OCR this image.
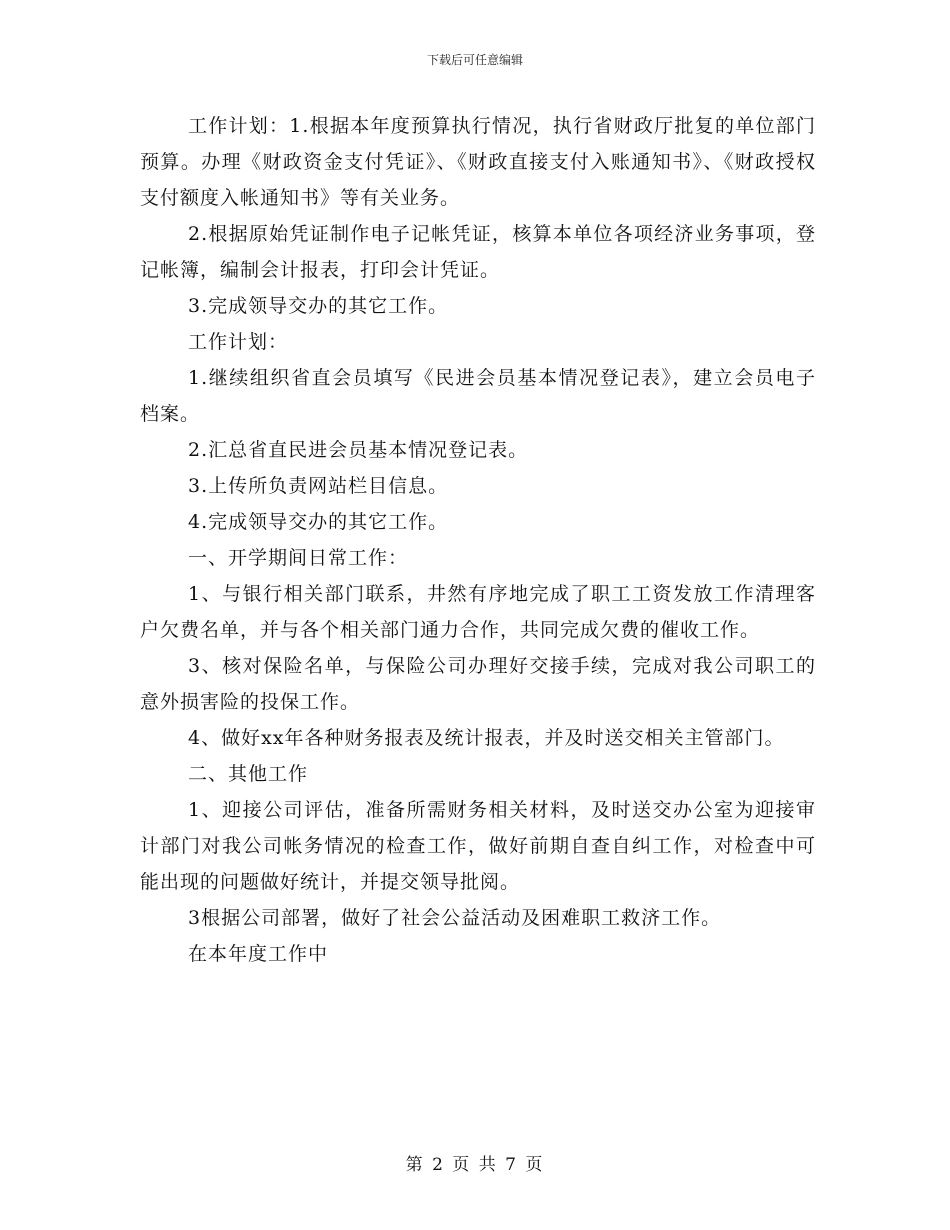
下载后可任意编辑

工作计划：1.根据本年度预算执行情况，执行省财政厅批复的单位部门预算。办理《财政资金支付凭证》、《财政直接支付入账通知书》、《财政授权支付额度入帐通知书》等有关业务。

2.根据原始凭证制作电子记帐凭证，核算本单位各项经济业务事项，登记帐簿，编制会计报表，打印会计凭证。

3.完成领导交办的其它工作。

工作计划：

1.继续组织省直会员填写《民进会员基本情况登记表》，建立会员电子档案。

2.汇总省直民进会员基本情况登记表。

3.上传所负责网站栏目信息。

4.完成领导交办的其它工作。

一、开学期间日常工作：

1、与银行相关部门联系，井然有序地完成了职工工资发放工作清理客户欠费名单，并与各个相关部门通力合作，共同完成欠费的催收工作。

3、核对保险名单，与保险公司办理好交接手续，完成对我公司职工的意外损害险的投保工作。

4、做好xx年各种财务报表及统计报表，并及时送交相关主管部门。

二、其他工作

1、迎接公司评估，准备所需财务相关材料，及时送交办公室为迎接审计部门对我公司帐务情况的检查工作，做好前期自查自纠工作，对检查中可能出现的问题做好统计，并提交领导批阅。

3根据公司部署，做好了社会公益活动及困难职工救济工作。

在本年度工作中

第 2 页 共 7 页
